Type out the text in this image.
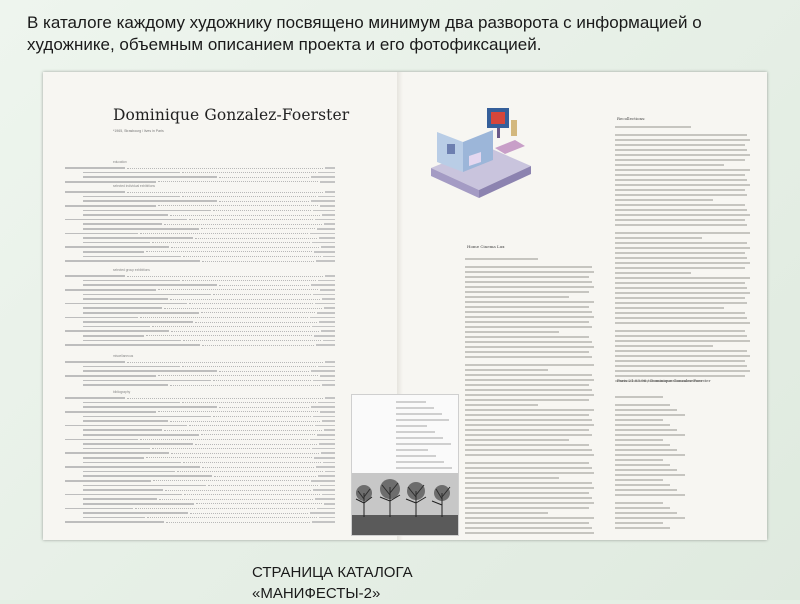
В каталоге каждому художнику посвящено минимум два разворота с информацией о художнике, объемным описанием проекта и его фотофиксацией.
Dominique Gonzalez-Foerster
*1965, Strasbourg / lives in Paris
education
selected individual exhibitions
selected group exhibitions
miscellaneous
bibliography
Home Cinema Lux
Recollections:
Paris 21.03.96 / Dominique Gonzalez-Foerster
СТРАНИЦА КАТАЛОГА
«МАНИФЕСТЫ-2»
